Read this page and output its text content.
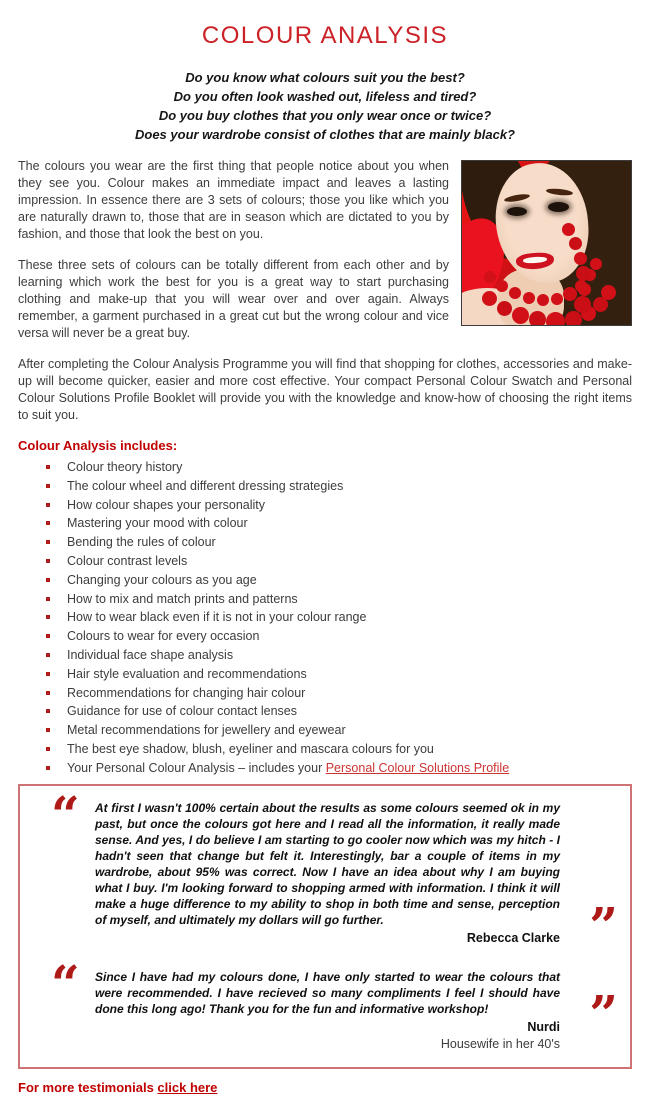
COLOUR ANALYSIS
Do you know what colours suit you the best?
Do you often look washed out, lifeless and tired?
Do you buy clothes that you only wear once or twice?
Does your wardrobe consist of clothes that are mainly black?

The colours you wear are the first thing that people notice about you when they see you. Colour makes an immediate impact and leaves a lasting impression. In essence there are 3 sets of colours; those you like which you are naturally drawn to, those that are in season which are dictated to you by fashion, and those that look the best on you.

These three sets of colours can be totally different from each other and by learning which work the best for you is a great way to start purchasing clothing and make-up that you will wear over and over again. Always remember, a garment purchased in a great cut but the wrong colour and vice versa will never be a great buy.

After completing the Colour Analysis Programme you will find that shopping for clothes, accessories and make-up will become quicker, easier and more cost effective. Your compact Personal Colour Swatch and Personal Colour Solutions Profile Booklet will provide you with the knowledge and know-how of choosing the right items to suit you.

Colour Analysis includes:
Colour theory history
The colour wheel and different dressing strategies
How colour shapes your personality
Mastering your mood with colour
Bending the rules of colour
Colour contrast levels
Changing your colours as you age
How to mix and match prints and patterns
How to wear black even if it is not in your colour range
Colours to wear for every occasion
Individual face shape analysis
Hair style evaluation and recommendations
Recommendations for changing hair colour
Guidance for use of colour contact lenses
Metal recommendations for jewellery and eyewear
The best eye shadow, blush, eyeliner and mascara colours for you
Your Personal Colour Analysis – includes your Personal Colour Solutions Profile
“ At first I wasn't 100% certain about the results as some colours seemed ok in my past, but once the colours got here and I read all the information, it really made sense. And yes, I do believe I am starting to go cooler now which was my hitch - I hadn't seen that change but felt it. Interestingly, bar a couple of items in my wardrobe, about 95% was correct. Now I have an idea about why I am buying what I buy. I'm looking forward to shopping armed with information. I think it will make a huge difference to my ability to shop in both time and sense, perception of myself, and ultimately my dollars will go further.

Rebecca Clarke ”
“ Since I have had my colours done, I have only started to wear the colours that were recommended. I have recieved so many compliments I feel I should have done this long ago! Thank you for the fun and informative workshop!

Nurdi
Housewife in her 40's
”
For more testimonials click here
